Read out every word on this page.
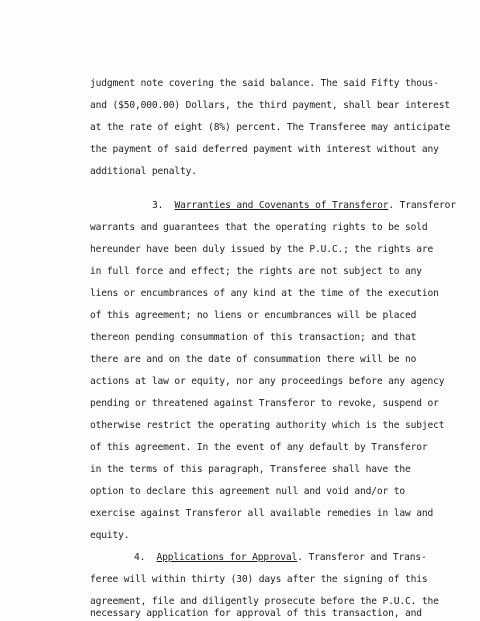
judgment note covering the said balance. The said Fifty thous-
and ($50,000.00) Dollars, the third payment, shall bear interest
at the rate of eight (8%) percent. The Transferee may anticipate
the payment of said deferred payment with interest without any
additional penalty.
3. Warranties and Covenants of Transferor. Transferor
warrants and guarantees that the operating rights to be sold
hereunder have been duly issued by the P.U.C.; the rights are
in full force and effect; the rights are not subject to any
liens or encumbrances of any kind at the time of the execution
of this agreement; no liens or encumbrances will be placed
thereon pending consummation of this transaction; and that
there are and on the date of consummation there will be no
actions at law or equity, nor any proceedings before any agency
pending or threatened against Transferor to revoke, suspend or
otherwise restrict the operating authority which is the subject
of this agreement. In the event of any default by Transferor
in the terms of this paragraph, Transferee shall have the
option to declare this agreement null and void and/or to
exercise against Transferor all available remedies in law and
equity.
4. Applications for Approval. Transferor and Trans-
feree will within thirty (30) days after the signing of this
agreement, file and diligently prosecute before the P.U.C. the
necessary application for approval of this transaction, and
